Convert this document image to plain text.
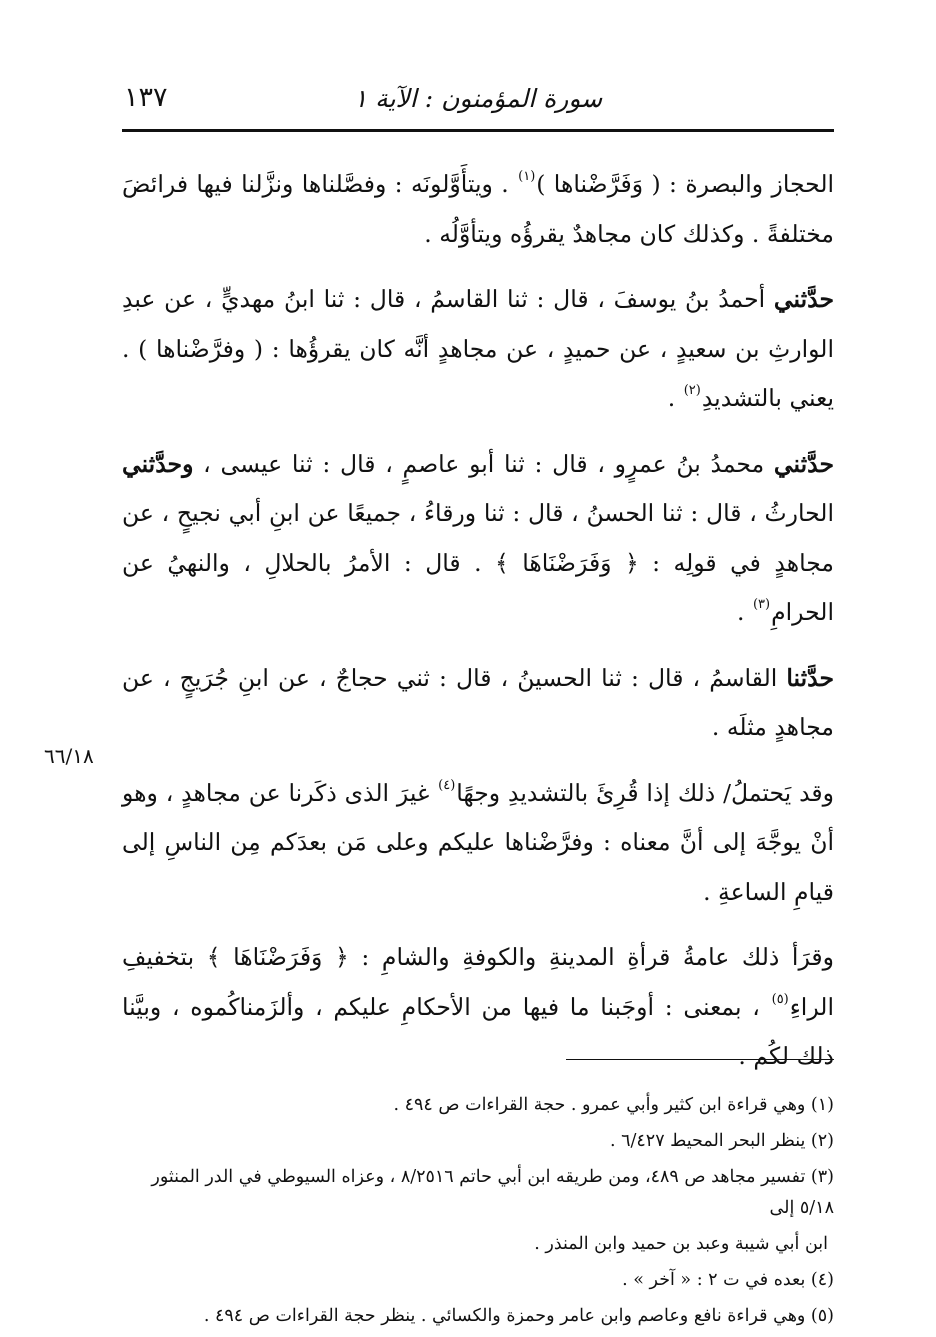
سورة المؤمنون : الآية ١
١٣٧
٦٦/١٨

الحجاز والبصرة : ( وَفَرَّضْناها )$^{(١)}$ . ويتأَوَّلونَه : وفصَّلناها ونزَّلنا فيها فرائضَ مختلفةً . وكذلك كان مجاهدٌ يقرؤُه ويتأوَّلُه .

حدَّثني أحمدُ بنُ يوسفَ ، قال : ثنا القاسمُ ، قال : ثنا ابنُ مهديٍّ ، عن عبدِ الوارثِ بن سعيدٍ ، عن حميدٍ ، عن مجاهدٍ أنَّه كان يقرؤُها : ( وفرَّضْناها ) . يعني بالتشديدِ$^{(٢)}$ .

حدَّثني محمدُ بنُ عمرٍو ، قال : ثنا أبو عاصمٍ ، قال : ثنا عيسى ، وحدَّثني الحارثُ ، قال : ثنا الحسنُ ، قال : ثنا ورقاءُ ، جميعًا عن ابنِ أبي نجيحٍ ، عن مجاهدٍ في قولِه : ﴿ وَفَرَضْنَاهَا ﴾ . قال : الأمرُ بالحلالِ ، والنهيُ عن الحرامِ$^{(٣)}$ .

حدَّثنا القاسمُ ، قال : ثنا الحسينُ ، قال : ثني حجاجٌ ، عن ابنِ جُرَيجٍ ، عن مجاهدٍ مثلَه .

وقد يَحتملُ/ ذلك إذا قُرِئَ بالتشديدِ وجهًا$^{(٤)}$ غيرَ الذى ذكَرنا عن مجاهدٍ ، وهو أنْ يوجَّهَ إلى أنَّ معناه : وفرَّضْناها عليكم وعلى مَن بعدَكم مِن الناسِ إلى قيامِ الساعةِ .

وقرَأ ذلك عامةُ قرأةِ المدينةِ والكوفةِ والشامِ : ﴿ وَفَرَضْنَاهَا ﴾ بتخفيفِ الراءِ$^{(٥)}$ ، بمعنى : أوجَبنا ما فيها من الأحكامِ عليكم ، وألزَمناكُموه ، وبيَّنا ذلك لكُم .

(١) وهي قراءة ابن كثير وأبي عمرو . حجة القراءات ص ٤٩٤ .
(٢) ينظر البحر المحيط ٦/٤٢٧ .
(٣) تفسير مجاهد ص ٤٨٩، ومن طريقه ابن أبي حاتم ٨/٢٥١٦ ، وعزاه السيوطي في الدر المنثور ٥/١٨ إلى
ابن أبي شيبة وعبد بن حميد وابن المنذر .
(٤) بعده في ت ٢ : « آخر » .
(٥) وهي قراءة نافع وعاصم وابن عامر وحمزة والكسائي . ينظر حجة القراءات ص ٤٩٤ .
